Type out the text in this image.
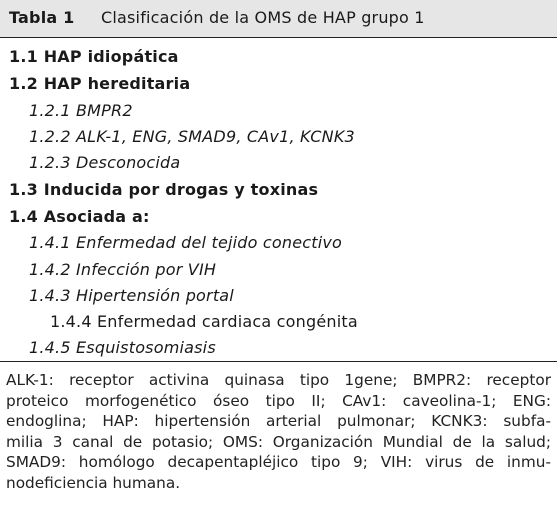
Tabla 1 Clasificación de la OMS de HAP grupo 1
1.1 HAP idiopática
1.2 HAP hereditaria
1.2.1 BMPR2
1.2.2 ALK-1, ENG, SMAD9, CAv1, KCNK3
1.2.3 Desconocida
1.3 Inducida por drogas y toxinas
1.4 Asociada a:
1.4.1 Enfermedad del tejido conectivo
1.4.2 Infección por VIH
1.4.3 Hipertensión portal
1.4.4 Enfermedad cardiaca congénita
1.4.5 Esquistosomiasis
ALK-1: receptor activina quinasa tipo 1gene; BMPR2: receptor
proteico morfogenético óseo tipo II; CAv1: caveolina-1; ENG:
endoglina; HAP: hipertensión arterial pulmonar; KCNK3: subfa-
milia 3 canal de potasio; OMS: Organización Mundial de la salud;
SMAD9: homólogo decapentapléjico tipo 9; VIH: virus de inmu-
nodeficiencia humana.
